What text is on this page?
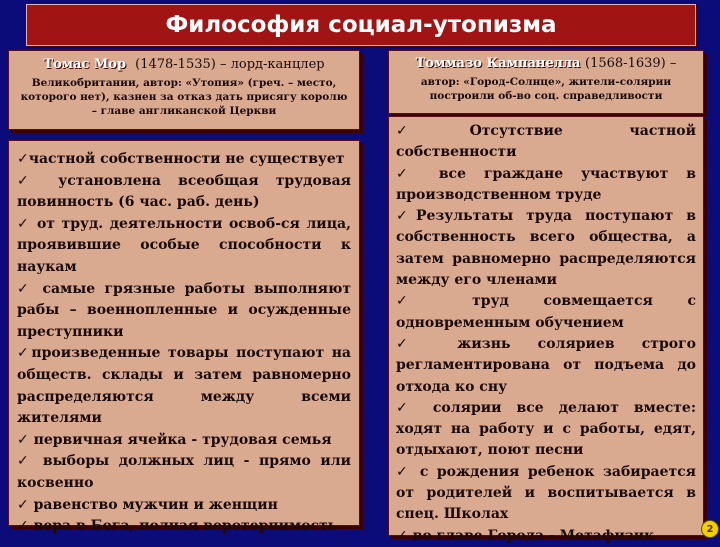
Философия социал-утопизма
Томас Мор (1478-1535) – лорд-канцлер
Великобритании, автор: «Утопия» (греч. – место, которого нет), казнен за отказ дать присягу королю – главе англиканской Церкви
✓частной собственности не существует
✓ установлена всеобщая трудовая повинность (6 час. раб. день)
✓ от труд. деятельности освоб-ся лица, проявившие особые способности к наукам
✓ самые грязные работы выполняют рабы – военнопленные и осужденные преступники
✓произведенные товары поступают на обществ. склады и затем равномерно распределяются между всеми жителями
✓ первичная ячейка - трудовая семья
✓ выборы должных лиц - прямо или косвенно
✓ равенство мужчин и женщин
✓ вера в Бога, полная веротерпимость
Томмазо Кампанелла (1568-1639) –
автор: «Город-Солнце», жители-солярии построили об-во соц. справедливости
✓Отсутствие частной собственности
✓ все граждане участвуют в производственном труде
✓Результаты труда поступают в собственность всего общества, а затем равномерно распределяются между его членами
✓ труд совмещается с одновременным обучением
✓ жизнь соляриев строго регламентирована от подъема до отхода ко сну
✓ солярии все делают вместе: ходят на работу и с работы, едят, отдыхают, поют песни
✓ с рождения ребенок забирается от родителей и воспитывается в спец. Школах
✓ во главе Города - Метафизик	2
